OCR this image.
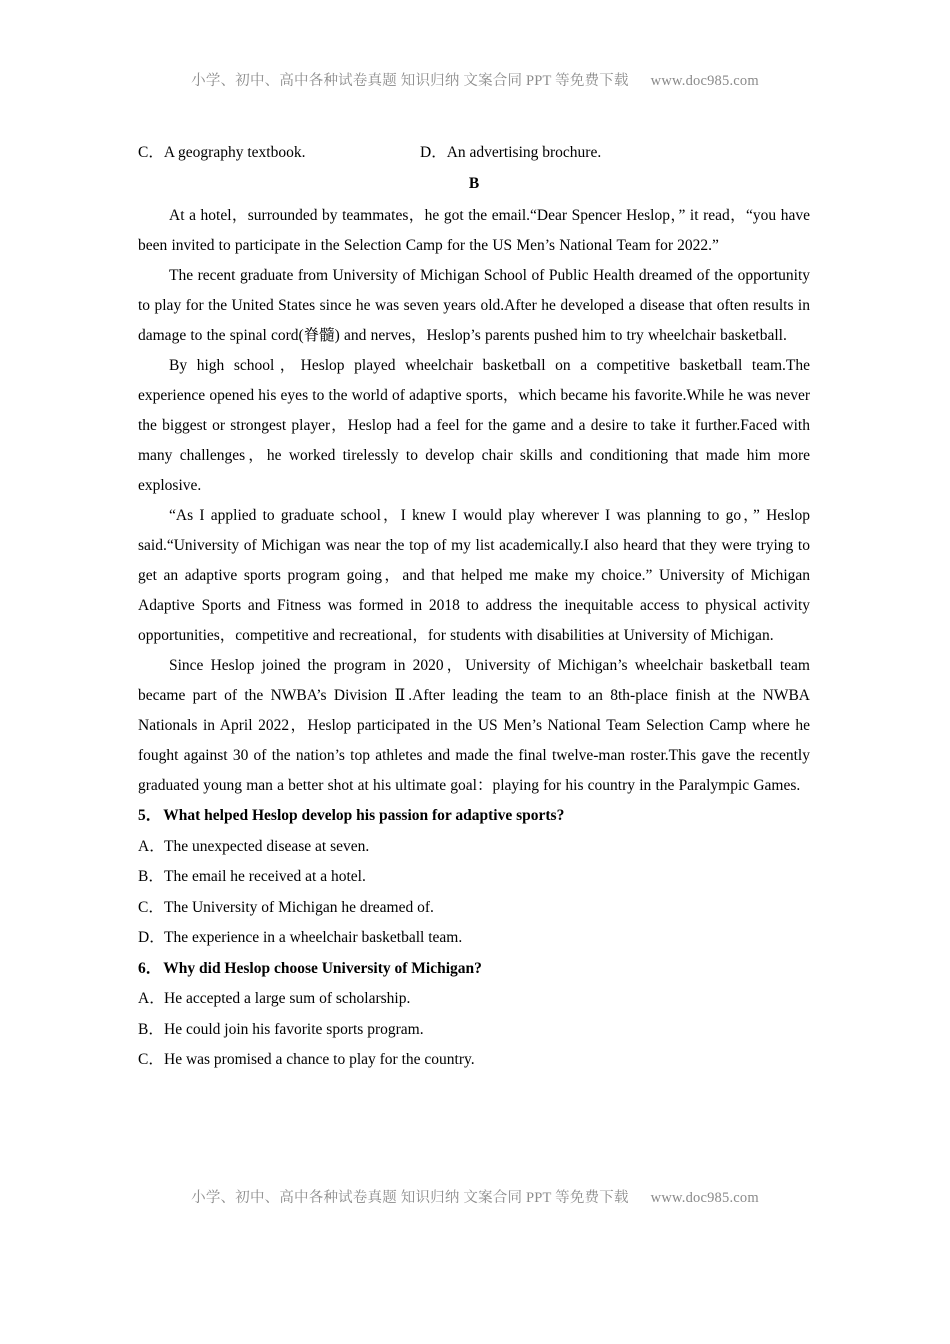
小学、初中、高中各种试卷真题 知识归纳 文案合同 PPT 等免费下载 www.doc985.com
C．A geography textbook.	D．An advertising brochure.
B

At a hotel，surrounded by teammates，he got the email.“Dear Spencer Heslop，” it read，“you have been invited to participate in the Selection Camp for the US Men’s National Team for 2022.”

The recent graduate from University of Michigan School of Public Health dreamed of the opportunity to play for the United States since he was seven years old.After he developed a disease that often results in damage to the spinal cord(脊髓) and nerves，Heslop’s parents pushed him to try wheelchair basketball.

By high school，Heslop played wheelchair basketball on a competitive basketball team.The experience opened his eyes to the world of adaptive sports，which became his favorite.While he was never the biggest or strongest player，Heslop had a feel for the game and a desire to take it further.Faced with many challenges，he worked tirelessly to develop chair skills and conditioning that made him more explosive.

“As I applied to graduate school，I knew I would play wherever I was planning to go，” Heslop said.“University of Michigan was near the top of my list academically.I also heard that they were trying to get an adaptive sports program going，and that helped me make my choice.” University of Michigan Adaptive Sports and Fitness was formed in 2018 to address the inequitable access to physical activity opportunities，competitive and recreational，for students with disabilities at University of Michigan.

Since Heslop joined the program in 2020，University of Michigan’s wheelchair basketball team became part of the NWBA’s Division Ⅱ.After leading the team to an 8th-place finish at the NWBA Nationals in April 2022，Heslop participated in the US Men’s National Team Selection Camp where he fought against 30 of the nation’s top athletes and made the final twelve-man roster.This gave the recently graduated young man a better shot at his ultimate goal：playing for his country in the Paralympic Games.

5． What helped Heslop develop his passion for adaptive sports?

A．The unexpected disease at seven.

B．The email he received at a hotel.

C．The University of Michigan he dreamed of.

D．The experience in a wheelchair basketball team.

6． Why did Heslop choose University of Michigan?

A．He accepted a large sum of scholarship.

B．He could join his favorite sports program.

C．He was promised a chance to play for the country.

小学、初中、高中各种试卷真题 知识归纳 文案合同 PPT 等免费下载 www.doc985.com
